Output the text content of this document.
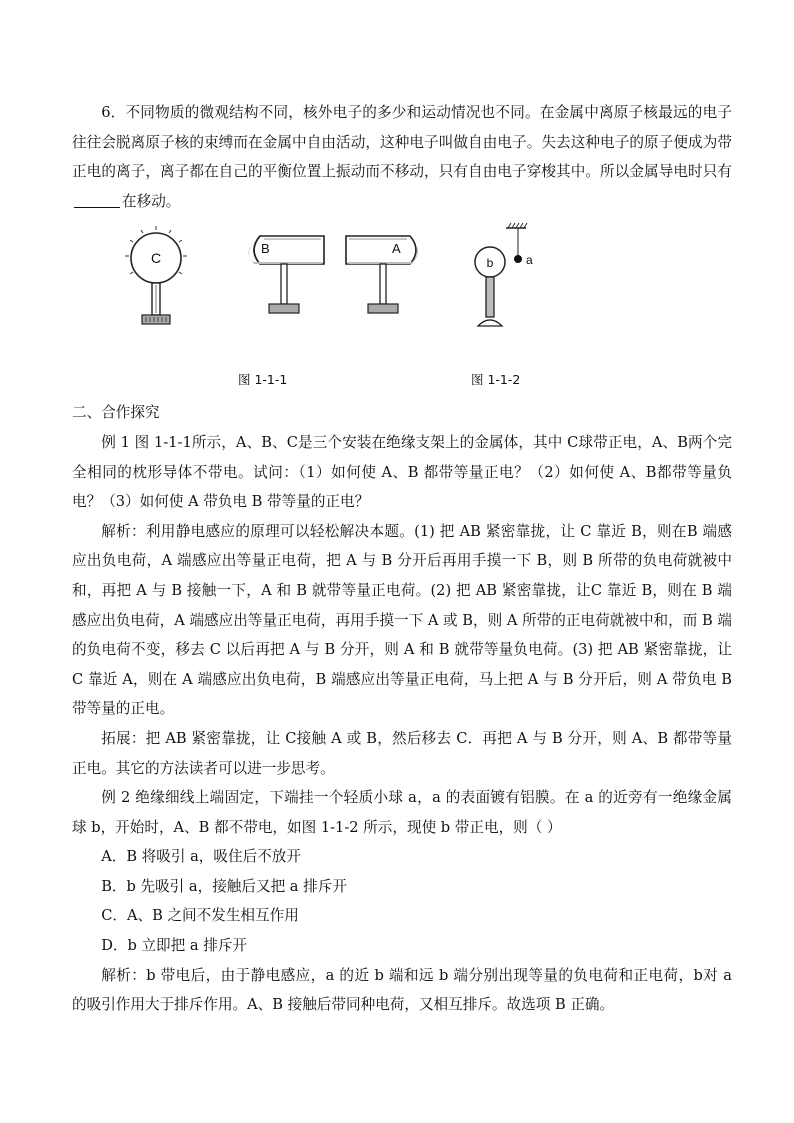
6．不同物质的微观结构不同，核外电子的多少和运动情况也不同。在金属中离原子核最远的电子往往会脱离原子核的束缚而在金属中自由活动，这种电子叫做自由电子。失去这种电子的原子便成为带正电的离子，离子都在自己的平衡位置上振动而不移动，只有自由电子穿梭其中。所以金属导电时只有在移动。

C
B	A
图 1-1-1
a
b
图 1-1-2

二、合作探究

例 1 图 1-1-1所示，A、B、C是三个安装在绝缘支架上的金属体，其中 C球带正电，A、B两个完全相同的枕形导体不带电。试问：（1）如何使 A、B 都带等量正电？（2）如何使 A、B都带等量负电？（3）如何使 A 带负电 B 带等量的正电？

解析：利用静电感应的原理可以轻松解决本题。(1) 把 AB 紧密靠拢，让 C 靠近 B，则在B 端感应出负电荷，A 端感应出等量正电荷，把 A 与 B 分开后再用手摸一下 B，则 B 所带的负电荷就被中和，再把 A 与 B 接触一下，A 和 B 就带等量正电荷。(2) 把 AB 紧密靠拢，让C 靠近 B，则在 B 端感应出负电荷，A 端感应出等量正电荷，再用手摸一下 A 或 B，则 A 所带的正电荷就被中和，而 B 端的负电荷不变，移去 C 以后再把 A 与 B 分开，则 A 和 B 就带等量负电荷。(3) 把 AB 紧密靠拢，让 C 靠近 A，则在 A 端感应出负电荷，B 端感应出等量正电荷，马上把 A 与 B 分开后，则 A 带负电 B 带等量的正电。

拓展：把 AB 紧密靠拢，让 C接触 A 或 B，然后移去 C．再把 A 与 B 分开，则 A、B 都带等量正电。其它的方法读者可以进一步思考。

例 2 绝缘细线上端固定，下端挂一个轻质小球 a，a 的表面镀有铝膜。在 a 的近旁有一绝缘金属球 b，开始时，A、B 都不带电，如图 1-1-2 所示，现使 b 带正电，则（ ）

A．B 将吸引 a，吸住后不放开

B．b 先吸引 a，接触后又把 a 排斥开

C．A、B 之间不发生相互作用

D．b 立即把 a 排斥开

解析：b 带电后，由于静电感应，a 的近 b 端和远 b 端分别出现等量的负电荷和正电荷，b对 a 的吸引作用大于排斥作用。A、B 接触后带同种电荷，又相互排斥。故选项 B 正确。
